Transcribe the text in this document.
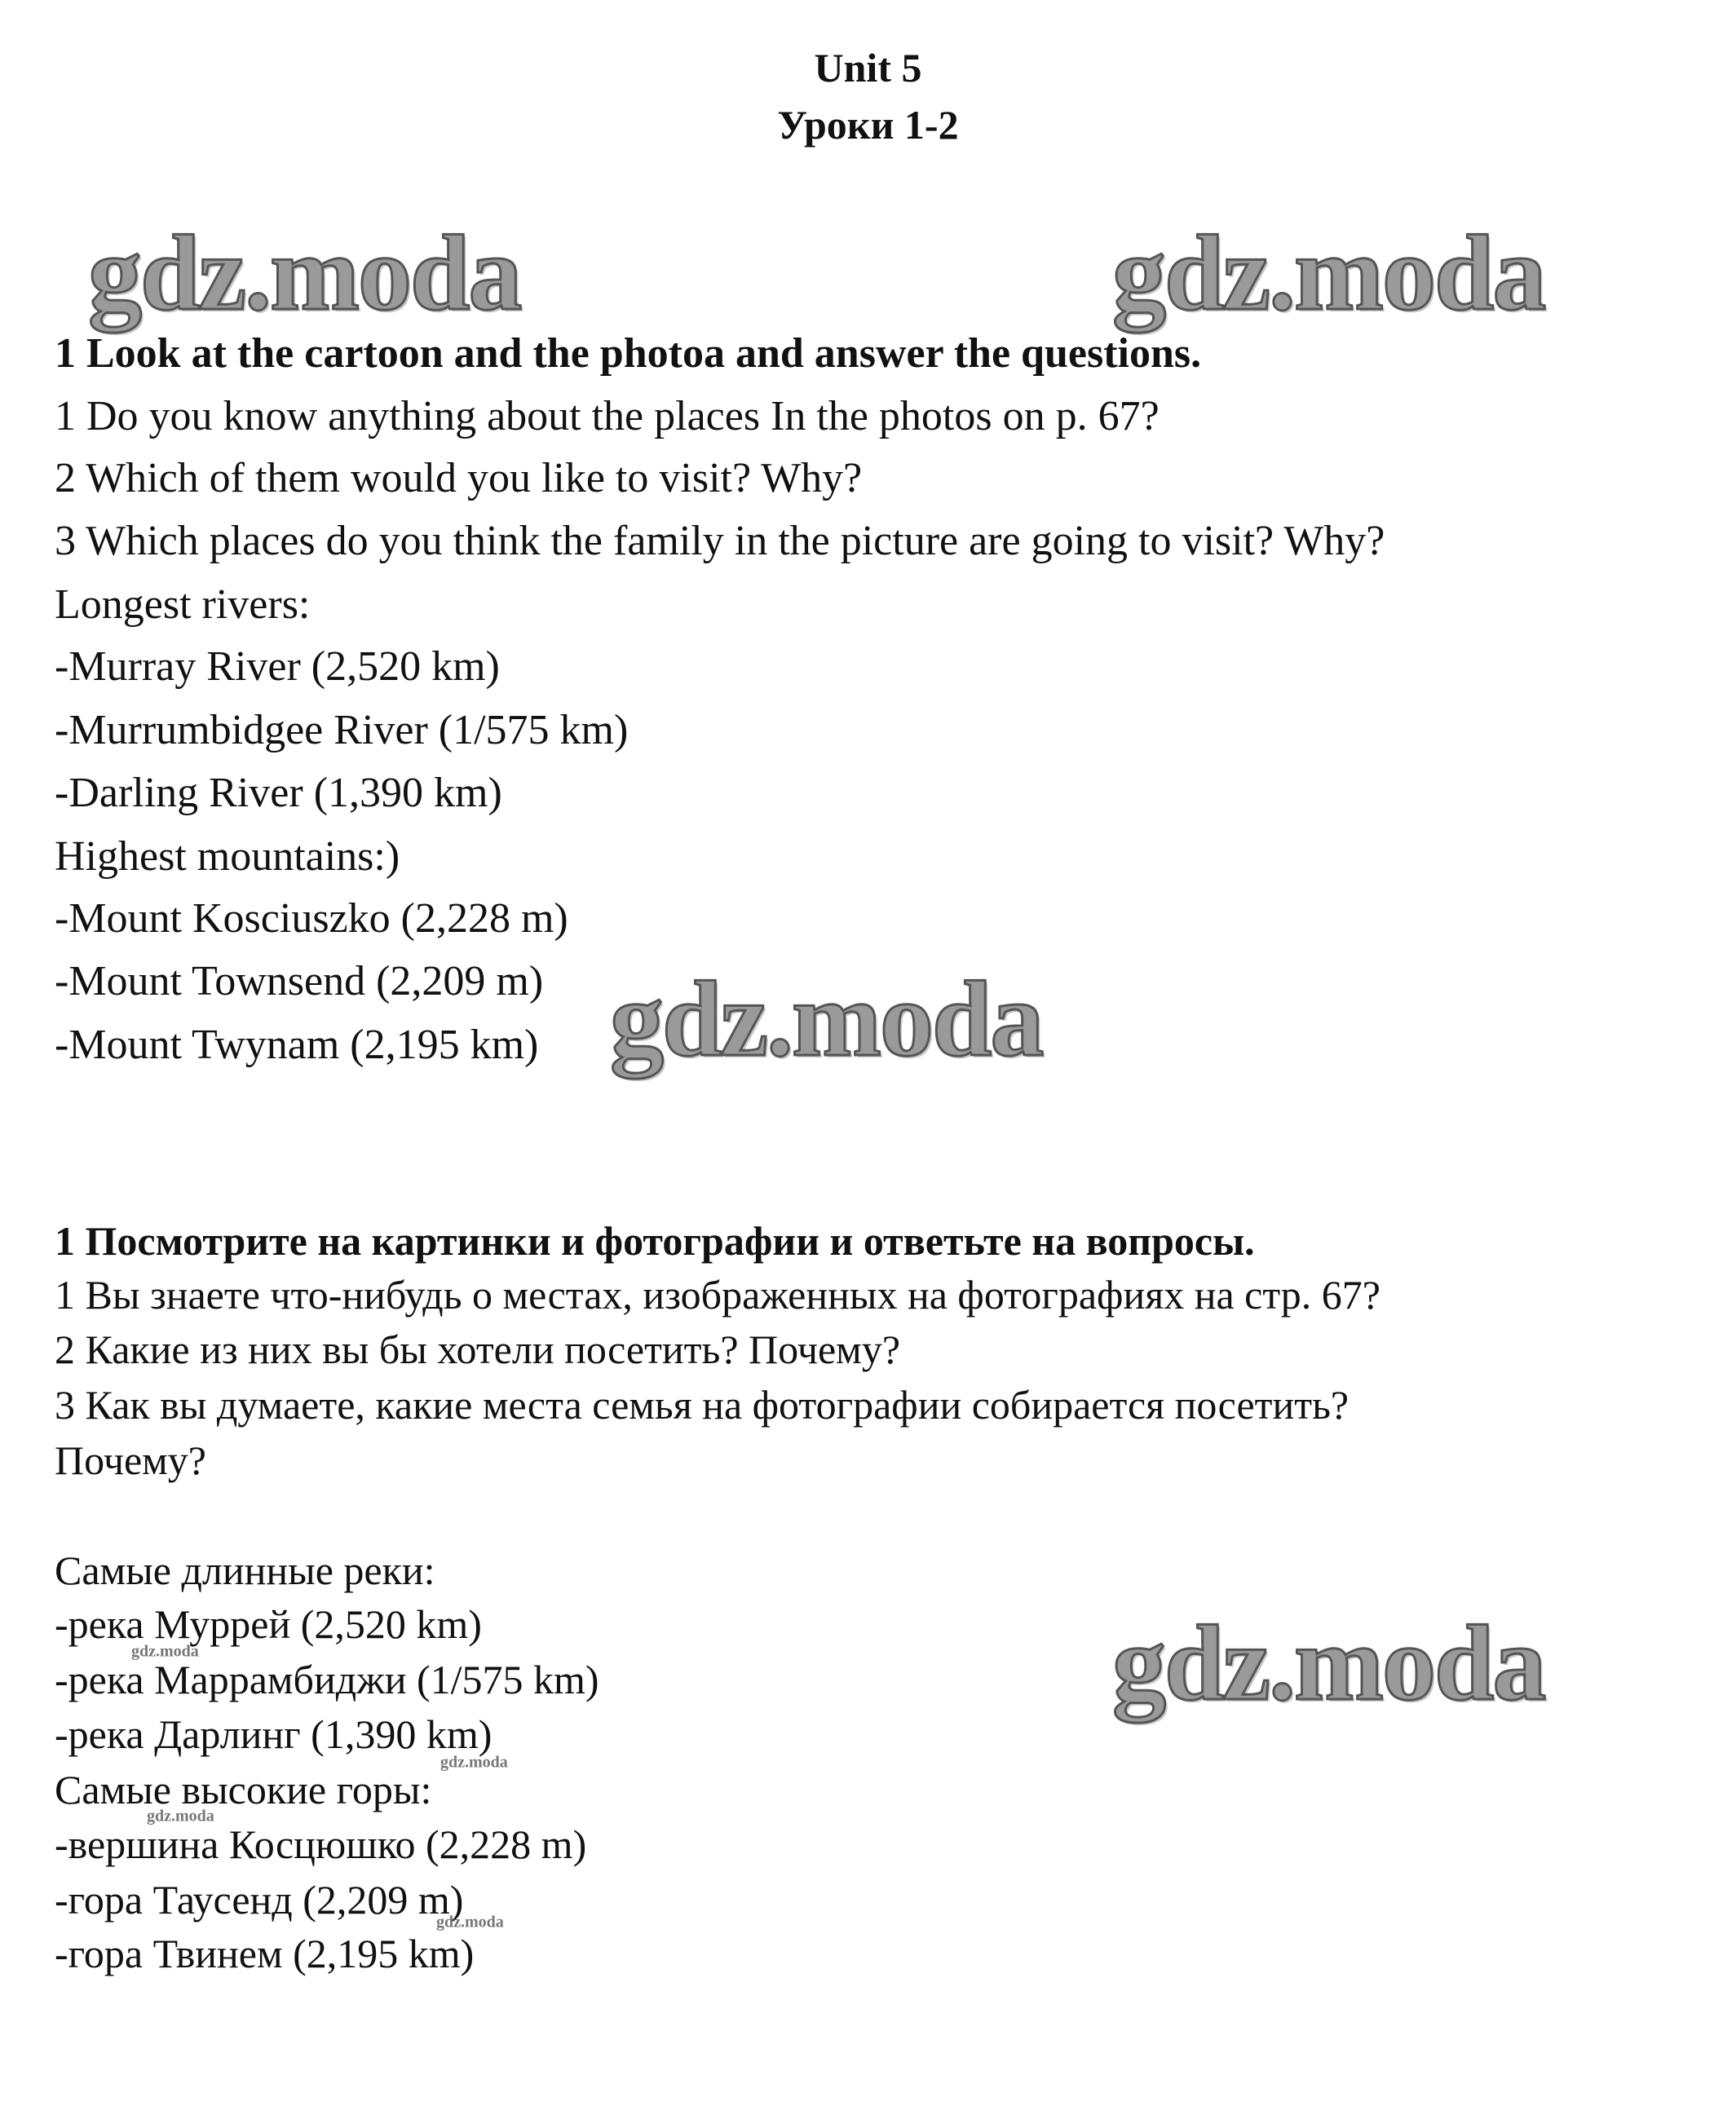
Unit 5
Уроки 1-2
gdz.moda	gdz.moda
1 Look at the cartoon and the photoa and answer the questions.
1 Do you know anything about the places In the photos on p. 67?
2 Which of them would you like to visit? Why?
3 Which places do you think the family in the picture are going to visit? Why?
Longest rivers:
-Murray River (2,520 km)
-Murrumbidgee River (1/575 km)
-Darling River (1,390 km)
Highest mountains:)
-Mount Kosciuszko (2,228 m)
-Mount Townsend (2,209 m)
-Mount Twynam (2,195 km) gdz.moda
1 Посмотрите на картинки и фотографии и ответьте на вопросы.
1 Вы знаете что-нибудь о местах, изображенных на фотографиях на стр. 67?
2 Какие из них вы бы хотели посетить? Почему?
3 Как вы думаете, какие места семья на фотографии собирается посетить?
Почему?
Самые длинные реки:
-река Муррей (2,520 km)
-река Маррамбиджи (1/575 km)
-река Дарлинг (1,390 km)
Самые высокие горы:
-вершина Косцюшко (2,228 m)
-гора Таусенд (2,209 m)
-гора Твинем (2,195 km)
gdz.moda
gdz.moda
gdz.moda
gdz.moda
gdz.moda
